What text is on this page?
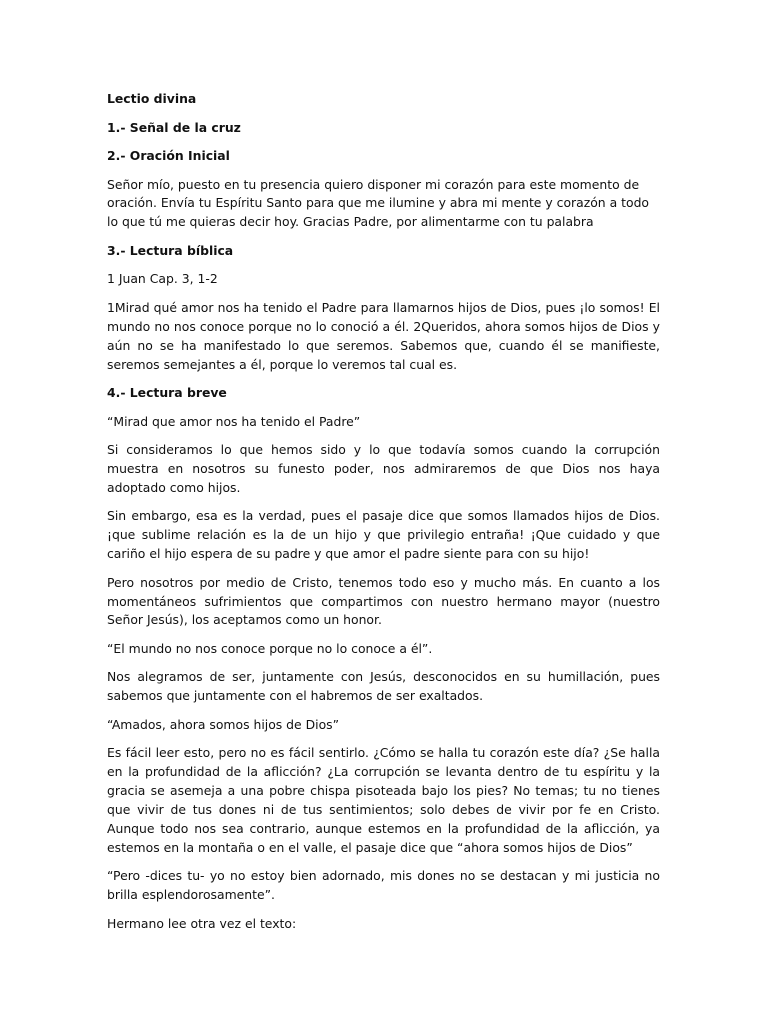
Lectio divina

1.- Señal de la cruz

2.- Oración Inicial

Señor mío, puesto en tu presencia quiero disponer mi corazón para este momento de oración. Envía tu Espíritu Santo para que me ilumine y abra mi mente y corazón a todo lo que tú me quieras decir hoy. Gracias Padre, por alimentarme con tu palabra

3.- Lectura bíblica

1 Juan Cap. 3, 1-2

1Mirad qué amor nos ha tenido el Padre para llamarnos hijos de Dios, pues ¡lo somos! El mundo no nos conoce porque no lo conoció a él. 2Queridos, ahora somos hijos de Dios y aún no se ha manifestado lo que seremos. Sabemos que, cuando él se manifieste, seremos semejantes a él, porque lo veremos tal cual es.

4.- Lectura breve

“Mirad que amor nos ha tenido el Padre”

Si consideramos lo que hemos sido y lo que todavía somos cuando la corrupción muestra en nosotros su funesto poder, nos admiraremos de que Dios nos haya adoptado como hijos.

Sin embargo, esa es la verdad, pues el pasaje dice que somos llamados hijos de Dios. ¡que sublime relación es la de un hijo y que privilegio entraña! ¡Que cuidado y que cariño el hijo espera de su padre y que amor el padre siente para con su hijo!

Pero nosotros por medio de Cristo, tenemos todo eso y mucho más. En cuanto a los momentáneos sufrimientos que compartimos con nuestro hermano mayor (nuestro Señor Jesús), los aceptamos como un honor.

“El mundo no nos conoce porque no lo conoce a él”.

Nos alegramos de ser, juntamente con Jesús, desconocidos en su humillación, pues sabemos que juntamente con el habremos de ser exaltados.

“Amados, ahora somos hijos de Dios”

Es fácil leer esto, pero no es fácil sentirlo. ¿Cómo se halla tu corazón este día? ¿Se halla en la profundidad de la aflicción? ¿La corrupción se levanta dentro de tu espíritu y la gracia se asemeja a una pobre chispa pisoteada bajo los pies? No temas; tu no tienes que vivir de tus dones ni de tus sentimientos; solo debes de vivir por fe en Cristo. Aunque todo nos sea contrario, aunque estemos en la profundidad de la aflicción, ya estemos en la montaña o en el valle, el pasaje dice que “ahora somos hijos de Dios”

“Pero -dices tu- yo no estoy bien adornado, mis dones no se destacan y mi justicia no brilla esplendorosamente”.

Hermano lee otra vez el texto:
